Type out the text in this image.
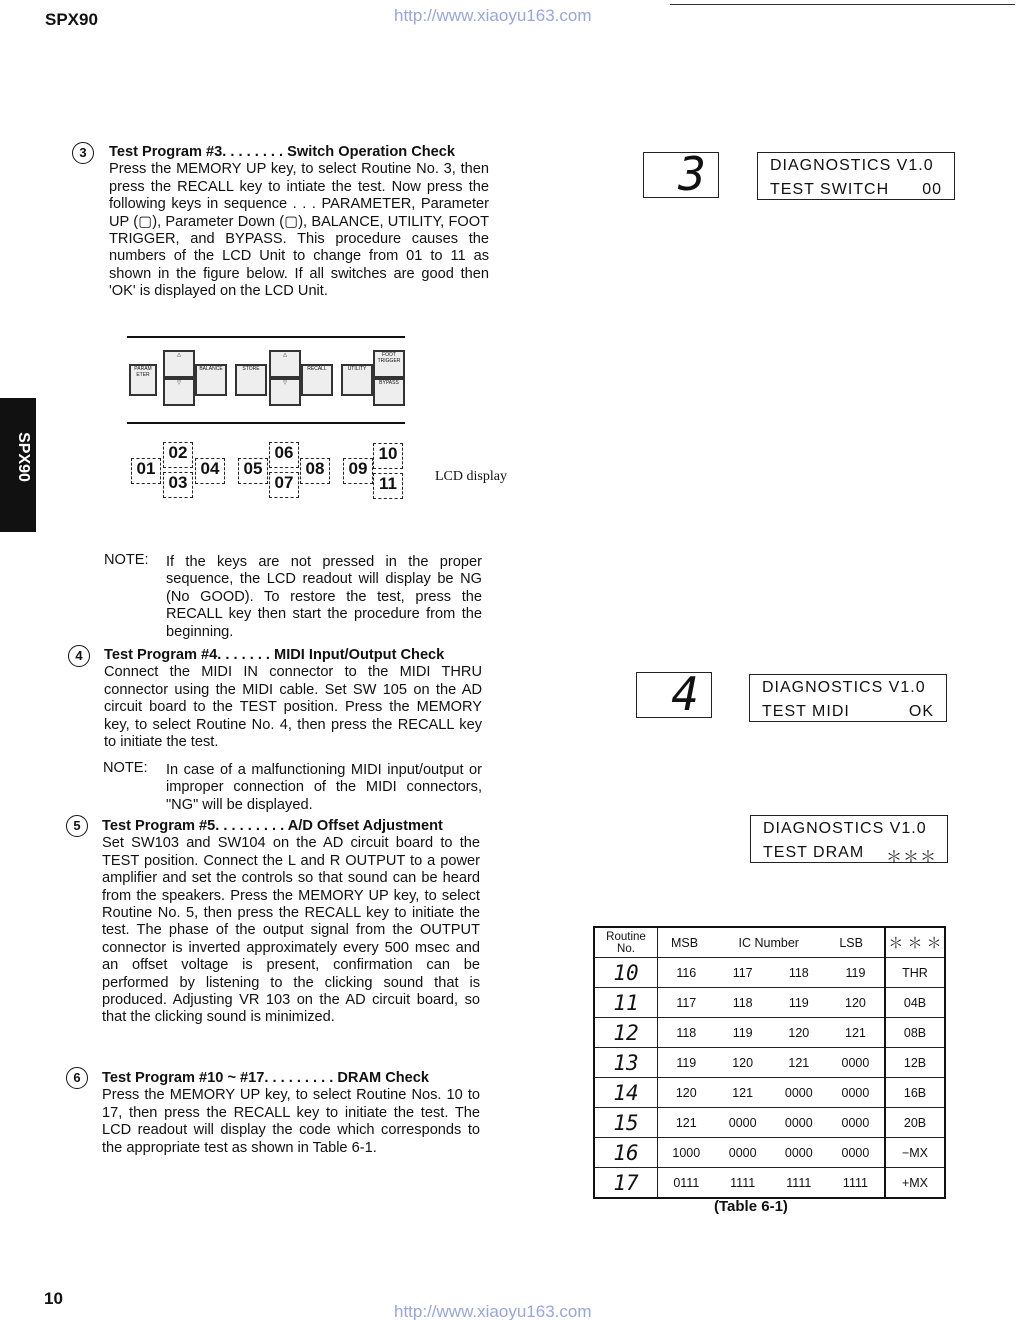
SPX90	http://www.xiaoyu163.com
SPX90
3	Test Program #3. . . . . . . . Switch Operation Check
Press the MEMORY UP key, to select Routine No. 3, then press the RECALL key to intiate the test. Now press the following keys in sequence . . . PARAMETER, Parameter UP (▢), Parameter Down (▢), BALANCE, UTILITY, FOOT TRIGGER, and BYPASS. This procedure causes the numbers of the LCD Unit to change from 01 to 11 as shown in the figure below. If all switches are good then 'OK' is displayed on the LCD Unit.
PARAM ETER
△
▽
BALANCE	STORE
△
▽
RECALL	UTILITY
FOOT TRIGGER
BYPASS
01
02
03
04	05
06
07
08	09
10
11	LCD display
NOTE: If the keys are not pressed in the proper sequence, the LCD readout will display be NG (No GOOD). To restore the test, press the RECALL key then start the procedure from the beginning.
4	Test Program #4. . . . . . . MIDI Input/Output Check
Connect the MIDI IN connector to the MIDI THRU connector using the MIDI cable. Set SW 105 on the AD circuit board to the TEST position. Press the MEMORY key, to select Routine No. 4, then press the RECALL key to initiate the test.
NOTE: In case of a malfunctioning MIDI input/output or improper connection of the MIDI connectors, "NG" will be displayed.
5	Test Program #5. . . . . . . . . A/D Offset Adjustment
Set SW103 and SW104 on the AD circuit board to the TEST position. Connect the L and R OUTPUT to a power amplifier and set the controls so that sound can be heard from the speakers. Press the MEMORY UP key, to select Routine No. 5, then press the RECALL key to initiate the test. The phase of the output signal from the OUTPUT connector is inverted approximately every 500 msec and an offset voltage is present, confirmation can be performed by listening to the clicking sound that is produced. Adjusting VR 103 on the AD circuit board, so that the clicking sound is minimized.
6	Test Program #10 ~ #17. . . . . . . . . DRAM Check
Press the MEMORY UP key, to select Routine Nos. 10 to 17, then press the RECALL key to initiate the test. The LCD readout will display the code which corresponds to the appropriate test as shown in Table 6-1.
3	DIAGNOSTICS V1.0
TEST SWITCH 00
4	DIAGNOSTICS V1.0
TEST MIDI	OK
DIAGNOSTICS V1.0
TEST DRAM ＊＊＊
Routine No.	MSB IC Number LSB				＊ ＊ ＊
10	116	117	118	119	THR
11	117	118	119	120	04B
12	118	119	120	121	08B
13	119	120	121	0000	12B
14	120	121	0000	0000	16B
15	121	0000	0000	0000	20B
16	1000	0000	0000	0000	−MX
17	0111	1111	1111	1111	+MX
(Table 6-1)
10
http://www.xiaoyu163.com
